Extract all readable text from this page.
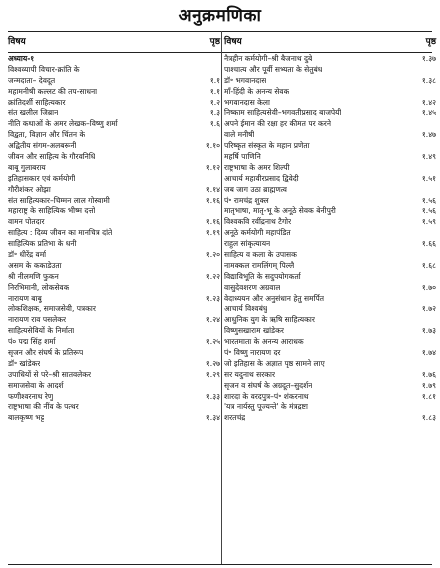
अनुक्रमणिका
विषय	पृष्ठ
अध्याय-१
विश्वव्यापी विचार-क्रांति के
जन्मदाता– देवदूत	१.१
महामनीषी कल्लट की तप-साधना	१.१
क्रांतिदर्शी साहित्यकार	१.२
संत खलील जिब्रान	१.३
नीति कथाओं के अमर लेखक–विष्णु शर्मा	१.६
विद्वता, विज्ञान और चिंतन के
अद्वितीय संगम-अलबरूनी	१.१०
जीवन और साहित्य के गौरवनिधि
बाबू गुलाबराय	१.१२
इतिहासकार एवं कर्मयोगी
गौरीशंकर ओझा	१.१४
संत साहित्यकार–चिम्मन लाल गोस्वामी	१.१६
महाराष्ट्र के साहित्यिक भीष्म दत्तो
वामन पोतदार	१.१६
साहित्य : दिव्य जीवन का मानचित्र दांते	१.१९
साहित्यिक प्रतिभा के धनी
डॉ॰ धीरेंद्र वर्मा	१.२०
असम के ककाडेउता
श्री नीलमणि फुकन	१.२२
निरभिमानी, लोकसेवक
नारायण बाबू	१.२३
लोकशिक्षक, समाजसेवी, पत्रकार
नारायण राव पसलेकर	१.२४
साहित्यसेवियों के निर्माता
पं० पद्म सिंह शर्मा	१.२५
सृजन और संघर्ष के प्रतिरूप
डॉ॰ खांडेकर	१.२७
उपाधियों से परे–श्री सातवलेकर	१.२९
समाजसेवा के आदर्श
फणीश्वरनाथ रेणु	१.३३
राष्ट्रभाषा की नींव के पत्थर
बालकृष्ण भट्ट	१.३४
विषय	पृष्ठ
नैत्रहीन कर्मयोगी–श्री बैजनाथ दुबे	१.३७
पाश्चात्य और पूर्वी सभ्यता के सेतुबंध
डॉ॰ भगवानदास	१.३८
माँ-हिंदी के अनन्य सेवक
भगवानदास केला	१.४२
निष्काम साहित्यसेवी–भगवतीप्रसाद बाजपेयी	१.४५
अपने ईमान की रक्षा हर कीमत पर करने
वाले मनीषी	१.४७
परिष्कृत संस्कृत के महान प्रणेता
महर्षि पाणिनि	१.४९
राष्ट्रभाषा के अमर शिल्पी
आचार्य महावीरप्रसाद द्विवेदी	१.५१
जब जाग उठा ब्राह्मणत्व
पं॰ रामचंद्र शुक्ल	१.५६
मातृभाषा, मातृ-भू के अनूठे सेवक बेनीपुरी	१.५६
विश्वकवि रवींद्रनाथ टैगोर	१.५९
अनूठे कर्मयोगी महापंडित
राहुल सांकृत्यायन	१.६६
साहित्य व कला के उपासक
नामक्कल रामलिंगम् पिल्लै	१.६८
विद्याविभूति के सदुपयोगकर्ता
वासुदेवशरण अग्रवाल	१.७०
वेदाध्ययन और अनुसंधान हेतु समर्पित
आचार्य विश्वबंधु	१.७२
आधुनिक युग के ऋषि साहित्यकार
विष्णुसखाराम खांडेकर	१.७३
भारतमाता के अनन्य आराधक
पं॰ विष्णु नारायण दर	१.७४
जो इतिहास के अज्ञात पृष्ठ सामने लाए
सर यदुनाथ सरकार	१.७६
सृजन व संघर्ष के अग्रदूत–सुदर्शन	१.७९
शारदा के वरदपुत्र–पं॰ शंकरनाथ	१.८१
'यत्र नार्यस्तु पूज्यन्ते' के मंत्रद्रष्टा
शरतचंद्र	१.८३
